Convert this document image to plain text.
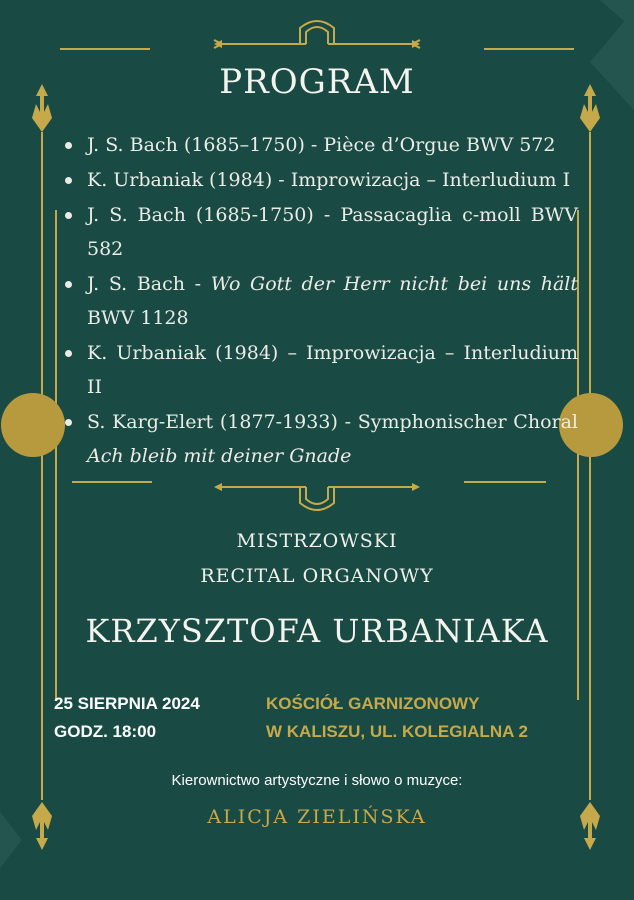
PROGRAM
J. S. Bach (1685–1750) - Pièce d’Orgue BWV 572
K. Urbaniak (1984) - Improwizacja – Interludium I
J. S. Bach (1685-1750) - Passacaglia c-moll BWV 582
J. S. Bach - Wo Gott der Herr nicht bei uns hält BWV 1128
K. Urbaniak (1984) – Improwizacja – Interludium II
S. Karg-Elert (1877-1933) - Symphonischer Choral Ach bleib mit deiner Gnade
MISTRZOWSKI
RECITAL ORGANOWY
KRZYSZTOFA URBANIAKA
25 SIERPNIA 2024
GODZ. 18:00
KOŚCIÓŁ GARNIZONOWY
W KALISZU, UL. KOLEGIALNA 2
Kierownictwo artystyczne i słowo o muzyce:
ALICJA ZIELIŃSKA
